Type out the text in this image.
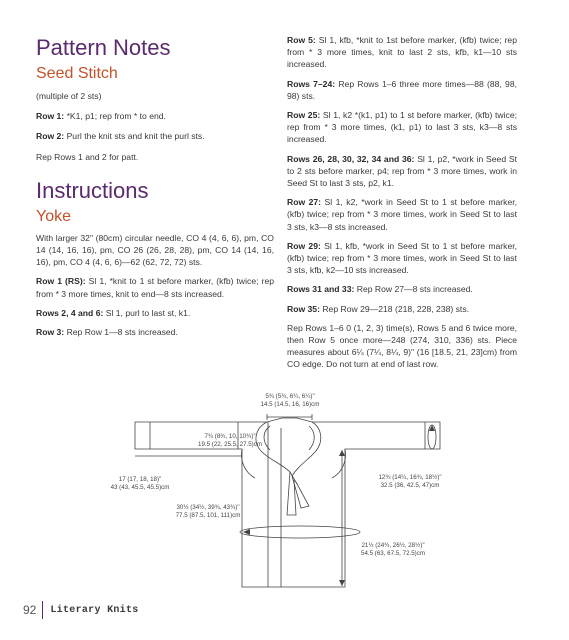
Pattern Notes
Seed Stitch

(multiple of 2 sts)

Row 1: *K1, p1; rep from * to end.

Row 2: Purl the knit sts and knit the purl sts.

Rep Rows 1 and 2 for patt.

Instructions
Yoke

With larger 32" (80cm) circular needle, CO 4 (4, 6, 6), pm, CO 14 (14, 16, 16), pm, CO 26 (26, 28, 28), pm, CO 14 (14, 16, 16), pm, CO 4 (4, 6, 6)—62 (62, 72, 72) sts.

Row 1 (RS): Sl 1, *knit to 1 st before marker, (kfb) twice; rep from * 3 more times, knit to end—8 sts increased.

Rows 2, 4 and 6: Sl 1, purl to last st, k1.

Row 3: Rep Row 1—8 sts increased.

Row 5: Sl 1, kfb, *knit to 1st before marker, (kfb) twice; rep from * 3 more times, knit to last 2 sts, kfb, k1—10 sts increased.

Rows 7–24: Rep Rows 1–6 three more times—88 (88, 98, 98) sts.

Row 25: Sl 1, k2 *(k1, p1) to 1 st before marker, (kfb) twice; rep from * 3 more times, (k1, p1) to last 3 sts, k3—8 sts increased.

Rows 26, 28, 30, 32, 34 and 36: Sl 1, p2, *work in Seed St to 2 sts before marker, p4; rep from * 3 more times, work in Seed St to last 3 sts, p2, k1.

Row 27: Sl 1, k2, *work in Seed St to 1 st before marker, (kfb) twice; rep from * 3 more times, work in Seed St to last 3 sts, k3—8 sts increased.

Row 29: Sl 1, kfb, *work in Seed St to 1 st before marker, (kfb) twice; rep from * 3 more times, work in Seed St to last 3 sts, kfb, k2—10 sts increased.

Rows 31 and 33: Rep Row 27—8 sts increased.

Row 35: Rep Row 29—218 (218, 228, 238) sts.

Rep Rows 1–6 0 (1, 2, 3) time(s), Rows 5 and 6 twice more, then Row 5 once more—248 (274, 310, 336) sts. Piece measures about 6¼ (7¼, 8¼, 9)" (16 [18.5, 21, 23]cm) from CO edge. Do not turn at end of last row.

5¾ (5¾, 6¼, 6¼)"
14.5 (14.5, 16, 16)cm
7¾ (8¾, 10, 10¾)"
19.5 (22, 25.5, 27.5)cm
17 (17, 18, 18)"
43 (43, 45.5, 45.5)cm
12¾ (14¼, 16¾, 18½)"
32.5 (36, 42.5, 47)cm
30½ (34½, 39¾, 43¾)"
77.5 (87.5, 101, 111)cm
21½ (24¾, 26½, 28½)"
54.5 (63, 67.5, 72.5)cm
92 Literary Knits
